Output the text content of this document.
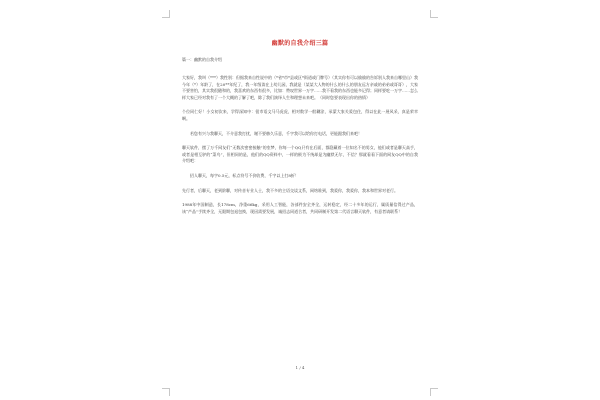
幽默的自我介绍三篇
篇一：幽默的自我介绍

大家好，我叫（***）我性别：但据我来自性说中的（*省*市*县或区*街道或门牌号）（其实你有可以偷偷的告诉别人我来自哪里山）我今年（*）年龄了，在20**年纪了，我一年级读在上幼儿园，我就是（某某大人物的什么的什么的朋友远方亲戚的弟弟或哥哥），大家不要害怕，其实我很随和的，我喜欢的东西有很多，比如：赞叹世界一万字……我不看我的东西也能多记得；同样要吃一万字……怎么样大家已经对我有了一个大概的了解了吧，除了我们演绎人生和理想未来吧。（同时您要表现出你的热情）

个位同仁好！小女初次来，学得深知中：很市语文马马虎虎，相对数学一般糊涂，承蒙大家关爱包住，得以在此一展风采，真是荣幸啊。

若您有兴与我聊天，不介意我打扰，谢不要赫久乐意，千字我可以给你打电话，更能跟我们来吧！

聊天软件，摆了万千网友们“无数次密密接触”的室梦，你每一个QQ只有在后面，都隐藏着一位知名不的男女，他们或者是聊天高手，或者是相互驴的“菜鸟”，但相同的是，他们的QQ资料中，一样的极为不统却是为幽默无尔，不信？那就看看下面的网友QQ中的自我介绍吧：

招人聊天，每字0.5元，标点符号不价收费，千字以上打8折！

先行者，后聊天，老到阶聊，对传音专业人士，我不多的主语交谈文系，网络谁到，我爱你，我爱你，我本和世界对老行。

1988年中国制造，长178cm，净重66kg，采用人工智能，各部件安全齐全，运转稳定，经二十多年的运行，属质量信得过产品，该“产品”手续齐全，无限期包退包换，现因需要发展，诚招志同道合者，共同研制开发第二代语言聊天软件，有意者请联系！

1 / 4
